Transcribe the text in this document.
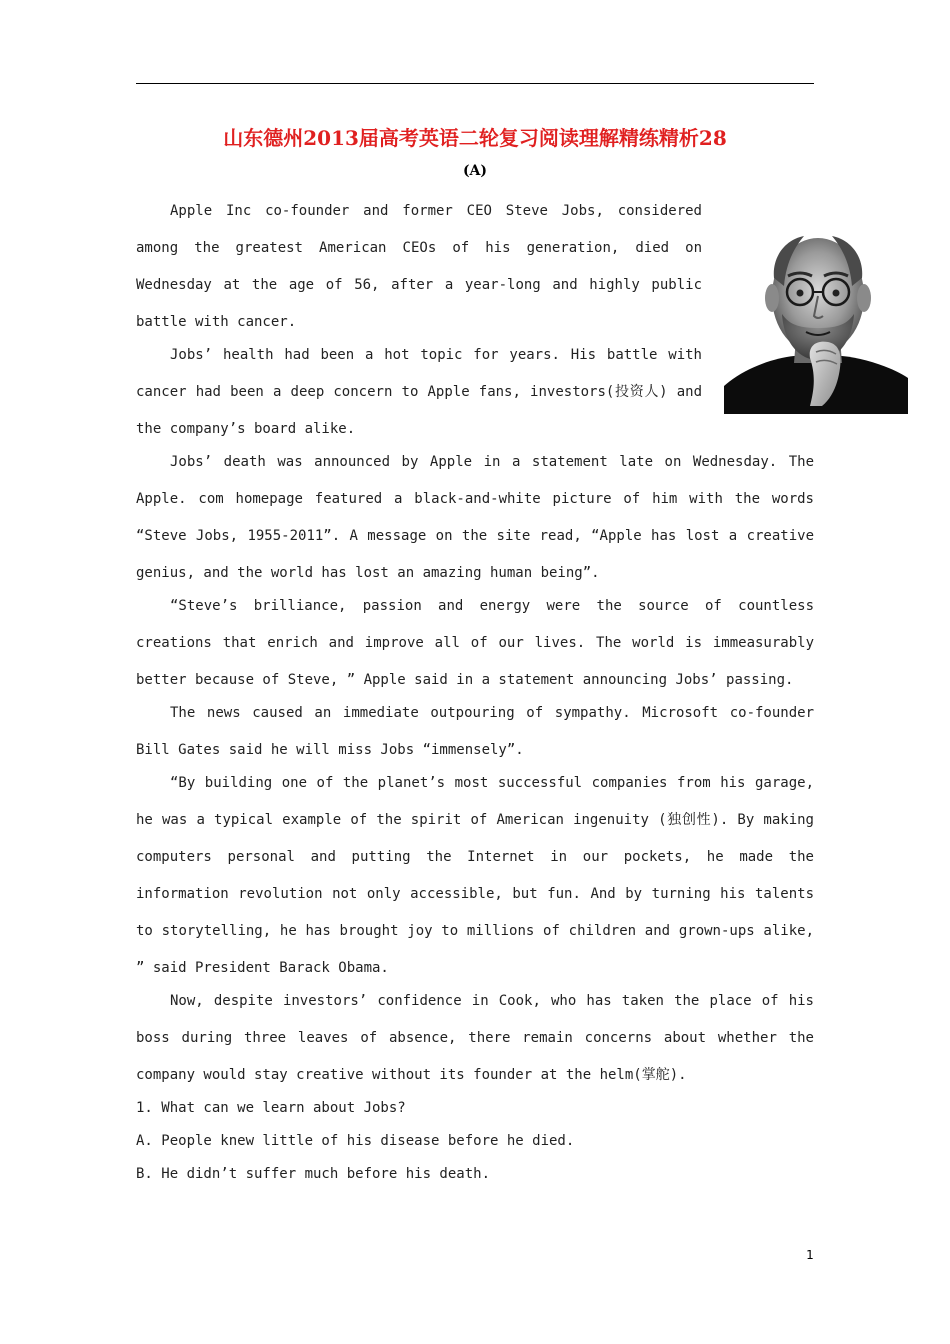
山东德州2013届高考英语二轮复习阅读理解精练精析28
(A)

Apple Inc co-founder and former CEO Steve Jobs, considered among the greatest American CEOs of his generation, died on Wednesday at the age of 56, after a year-long and highly public battle with cancer.

Jobs’ health had been a hot topic for years. His battle with cancer had been a deep concern to Apple fans, investors(投资人) and the company’s board alike.

Jobs’ death was announced by Apple in a statement late on Wednesday. The Apple. com homepage featured a black-and-white picture of him with the words “Steve Jobs, 1955-2011”. A message on the site read, “Apple has lost a creative genius, and the world has lost an amazing human being”.

“Steve’s brilliance, passion and energy were the source of countless creations that enrich and improve all of our lives. The world is immeasurably better because of Steve, ” Apple said in a statement announcing Jobs’ passing.

The news caused an immediate outpouring of sympathy. Microsoft co-founder Bill Gates said he will miss Jobs “immensely”.

“By building one of the planet’s most successful companies from his garage, he was a typical example of the spirit of American ingenuity (独创性). By making computers personal and putting the Internet in our pockets, he made the information revolution not only accessible, but fun. And by turning his talents to storytelling, he has brought joy to millions of children and grown-ups alike, ” said President Barack Obama.

Now, despite investors’ confidence in Cook, who has taken the place of his boss during three leaves of absence, there remain concerns about whether the company would stay creative without its founder at the helm(掌舵).

1. What can we learn about Jobs?

A. People knew little of his disease before he died.

B. He didn’t suffer much before his death.

1
